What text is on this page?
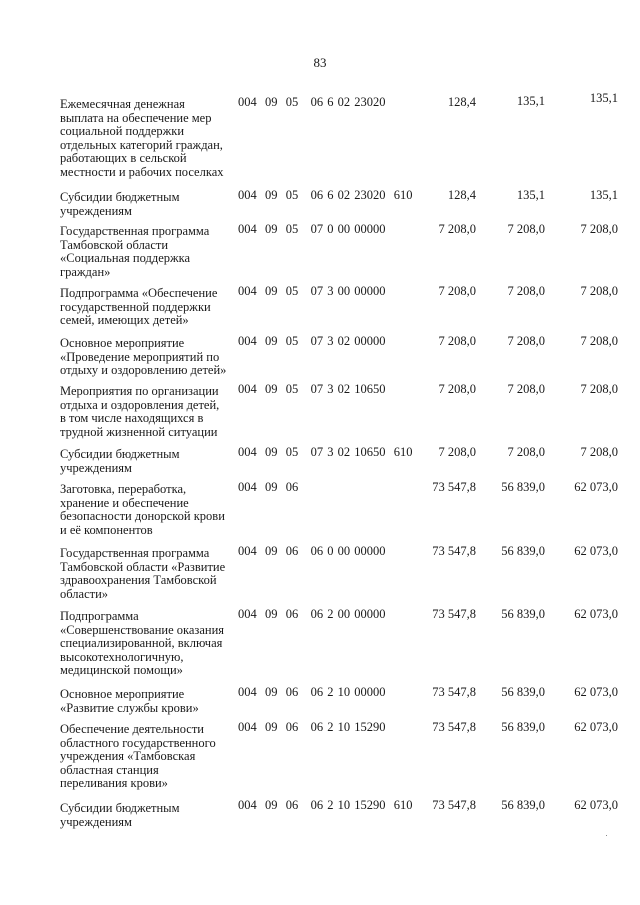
83
Ежемесячная денежная
выплата на обеспечение мер
социальной поддержки
отдельных категорий граждан,
работающих в сельской
местности и рабочих поселках
004  09  05   06 6 02 23020	128,4	135,1	135,1
Субсидии бюджетным
учреждениям
004  09  05   06 6 02 23020  610	128,4	135,1	135,1
Государственная программа
Тамбовской области
«Социальная поддержка
граждан»
004  09  05   07 0 00 00000	7 208,0	7 208,0	7 208,0
Подпрограмма «Обеспечение
государственной поддержки
семей, имеющих детей»
004  09  05   07 3 00 00000	7 208,0	7 208,0	7 208,0
Основное мероприятие
«Проведение мероприятий по
отдыху и оздоровлению детей»
004  09  05   07 3 02 00000	7 208,0	7 208,0	7 208,0
Мероприятия по организации
отдыха и оздоровления детей,
в том числе находящихся в
трудной жизненной ситуации
004  09  05   07 3 02 10650	7 208,0	7 208,0	7 208,0
Субсидии бюджетным
учреждениям
004  09  05   07 3 02 10650  610	7 208,0	7 208,0	7 208,0
Заготовка, переработка,
хранение и обеспечение
безопасности донорской крови
и её компонентов
004  09  06	73 547,8	56 839,0	62 073,0
Государственная программа
Тамбовской области «Развитие
здравоохранения Тамбовской
области»
004  09  06   06 0 00 00000	73 547,8	56 839,0	62 073,0
Подпрограмма
«Совершенствование оказания
специализированной, включая
высокотехнологичную,
медицинской помощи»
004  09  06   06 2 00 00000	73 547,8	56 839,0	62 073,0
Основное мероприятие
«Развитие службы крови»
004  09  06   06 2 10 00000	73 547,8	56 839,0	62 073,0
Обеспечение деятельности
областного государственного
учреждения «Тамбовская
областная станция
переливания крови»
004  09  06   06 2 10 15290	73 547,8	56 839,0	62 073,0
Субсидии бюджетным
учреждениям
004  09  06   06 2 10 15290  610	73 547,8	56 839,0	62 073,0
